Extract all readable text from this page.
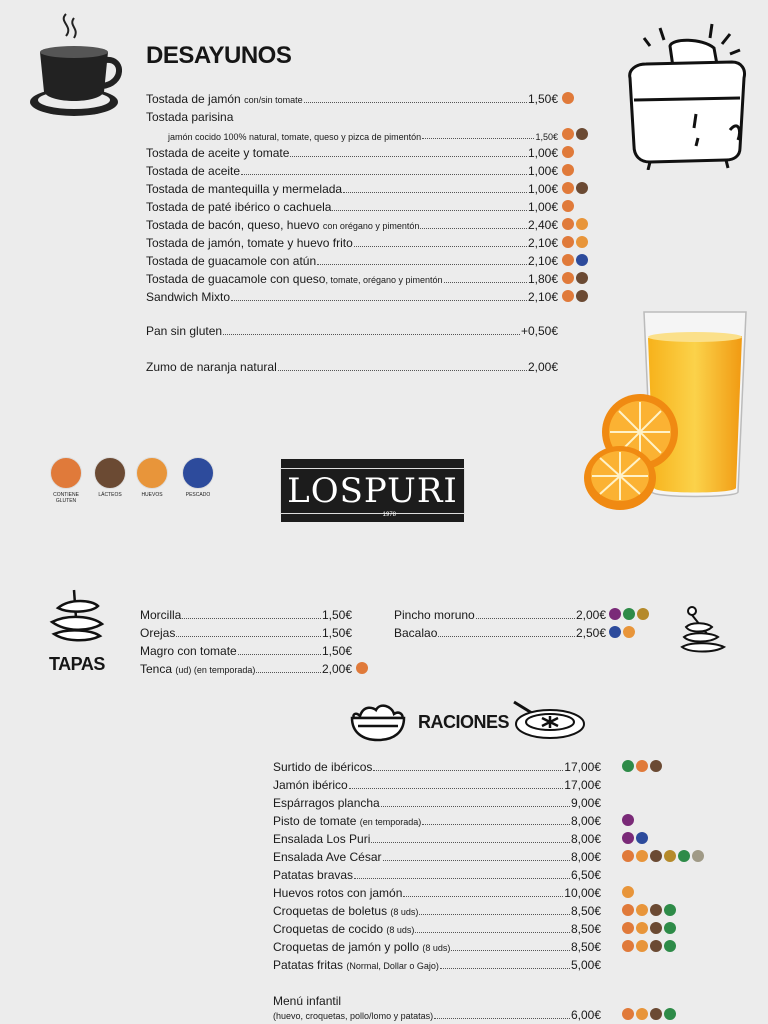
DESAYUNOS
Tostada de jamón con/sin tomate	1,50€
Tostada parisina
jamón cocido 100% natural, tomate, queso y pizca de pimentón	1,50€
Tostada de aceite y tomate	1,00€
Tostada de aceite	1,00€
Tostada de mantequilla y mermelada	1,00€
Tostada de paté ibérico o cachuela	1,00€
Tostada de bacón, queso, huevo con orégano y pimentón	2,40€
Tostada de jamón, tomate y huevo frito	2,10€
Tostada de guacamole con atún	2,10€
Tostada de guacamole con queso, tomate, orégano y pimentón	1,80€
Sandwich Mixto	2,10€
Pan sin gluten	+0,50€
Zumo de naranja natural	2,00€
CONTIENE GLUTEN
LÁCTEOS	HUEVOS	PESCADO LOSPURI
1978
TAPAS
Morcilla	1,50€
Orejas	1,50€
Magro con tomate	1,50€
Tenca (ud) (en temporada)	2,00€
Pincho moruno	2,00€
Bacalao	2,50€
RACIONES
Surtido de ibéricos	17,00€
Jamón ibérico	17,00€
Espárragos plancha	9,00€
Pisto de tomate (en temporada)	8,00€
Ensalada Los Puri	8,00€
Ensalada Ave César	8,00€
Patatas bravas	6,50€
Huevos rotos con jamón	10,00€
Croquetas de boletus (8 uds)	8,50€
Croquetas de cocido (8 uds)	8,50€
Croquetas de jamón y pollo (8 uds)	8,50€
Patatas fritas (Normal, Dollar o Gajo)	5,00€
Menú infantil
(huevo, croquetas, pollo/lomo y patatas)	6,00€
